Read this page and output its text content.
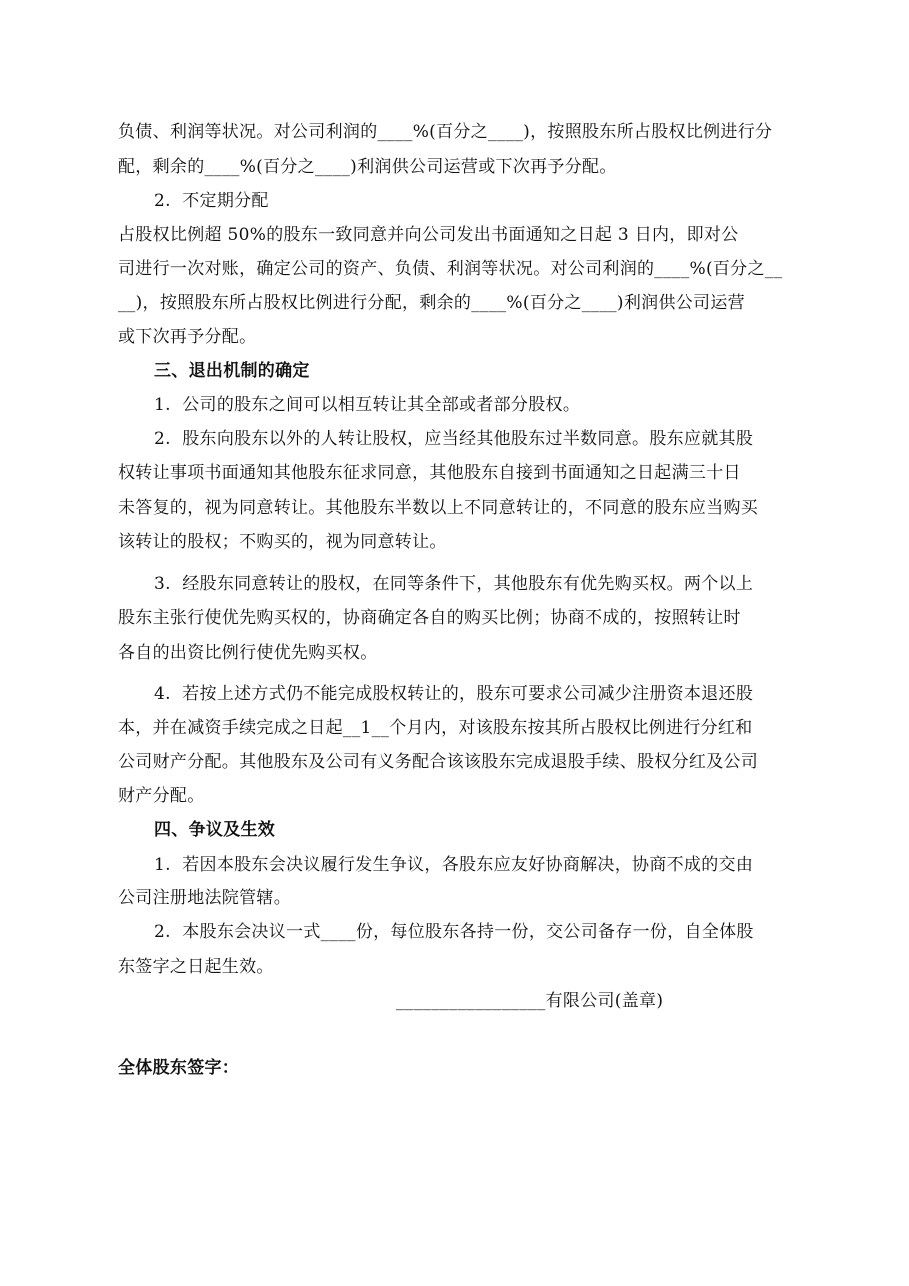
负债、利润等状况。对公司利润的____%(百分之____)，按照股东所占股权比例进行分
配，剩余的____%(百分之____)利润供公司运营或下次再予分配。
2.  不定期分配
占股权比例超 50%的股东一致同意并向公司发出书面通知之日起 3 日内，即对公
司进行一次对账，确定公司的资产、负债、利润等状况。对公司利润的____%(百分之__
__)，按照股东所占股权比例进行分配，剩余的____%(百分之____)利润供公司运营
或下次再予分配。
三、退出机制的确定
1.  公司的股东之间可以相互转让其全部或者部分股权。
2.  股东向股东以外的人转让股权，应当经其他股东过半数同意。股东应就其股
权转让事项书面通知其他股东征求同意，其他股东自接到书面通知之日起满三十日
未答复的，视为同意转让。其他股东半数以上不同意转让的，不同意的股东应当购买
该转让的股权；不购买的，视为同意转让。
3.  经股东同意转让的股权，在同等条件下，其他股东有优先购买权。两个以上
股东主张行使优先购买权的，协商确定各自的购买比例；协商不成的，按照转让时
各自的出资比例行使优先购买权。
4.  若按上述方式仍不能完成股权转让的，股东可要求公司减少注册资本退还股
本，并在减资手续完成之日起__1__个月内，对该股东按其所占股权比例进行分红和
公司财产分配。其他股东及公司有义务配合该该股东完成退股手续、股权分红及公司
财产分配。
四、争议及生效
1.  若因本股东会决议履行发生争议，各股东应友好协商解决，协商不成的交由
公司注册地法院管辖。
2.  本股东会决议一式____份，每位股东各持一份，交公司备存一份，自全体股
东签字之日起生效。
_________________有限公司(盖章)
全体股东签字：
